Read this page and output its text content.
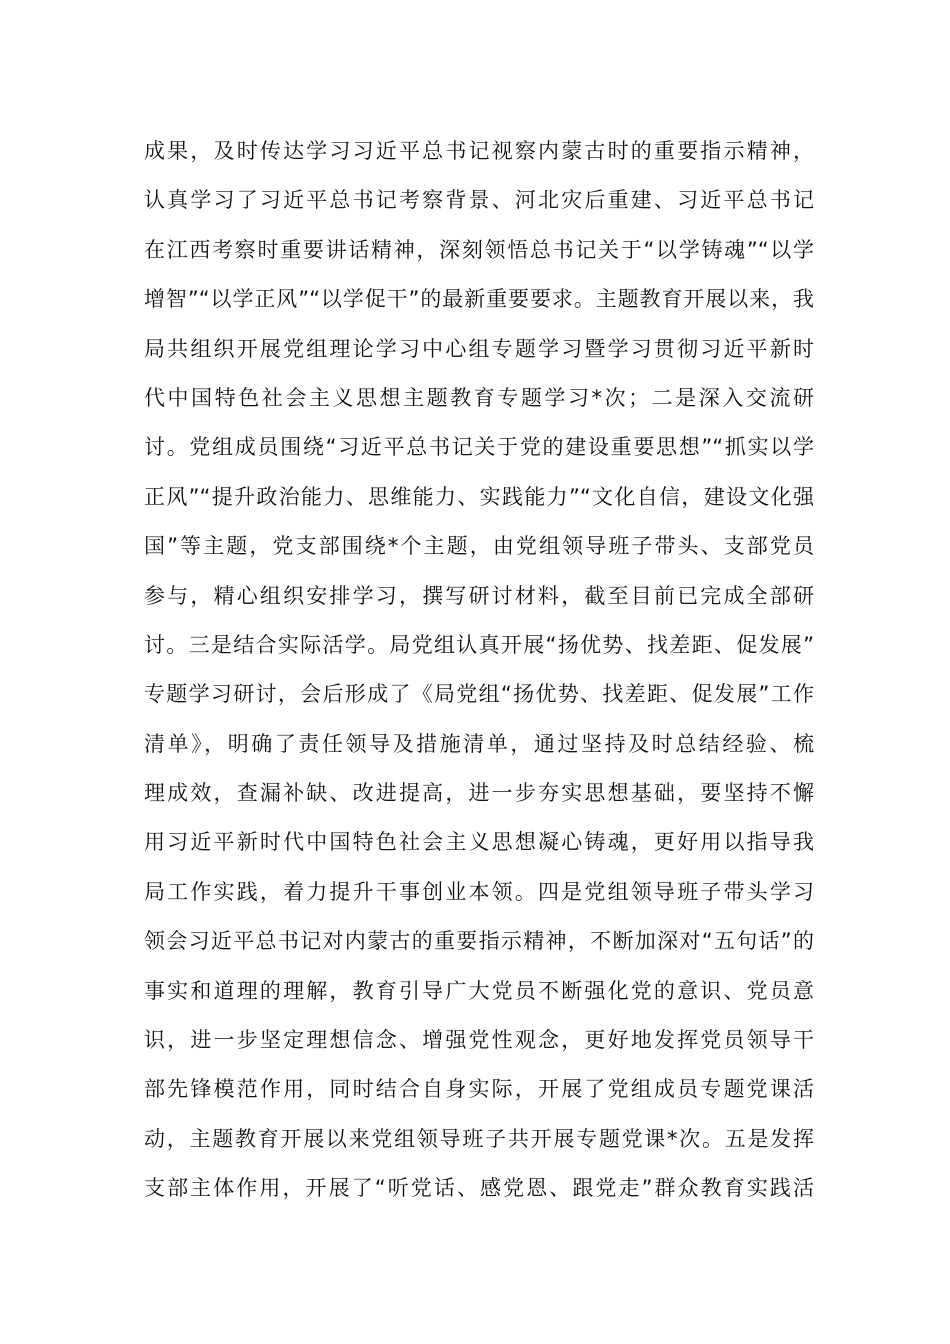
成果，及时传达学习习近平总书记视察内蒙古时的重要指示精神，
认真学习了习近平总书记考察背景、河北灾后重建、习近平总书记
在江西考察时重要讲话精神，深刻领悟总书记关于“以学铸魂”“以学
增智”“以学正风”“以学促干”的最新重要要求。主题教育开展以来，我
局共组织开展党组理论学习中心组专题学习暨学习贯彻习近平新时
代中国特色社会主义思想主题教育专题学习*次；二是深入交流研
讨。党组成员围绕“习近平总书记关于党的建设重要思想”“抓实以学
正风”“提升政治能力、思维能力、实践能力”“文化自信，建设文化强
国”等主题，党支部围绕*个主题，由党组领导班子带头、支部党员
参与，精心组织安排学习，撰写研讨材料，截至目前已完成全部研
讨。三是结合实际活学。局党组认真开展“扬优势、找差距、促发展”
专题学习研讨，会后形成了《局党组“扬优势、找差距、促发展”工作
清单》，明确了责任领导及措施清单，通过坚持及时总结经验、梳
理成效，查漏补缺、改进提高，进一步夯实思想基础，要坚持不懈
用习近平新时代中国特色社会主义思想凝心铸魂，更好用以指导我
局工作实践，着力提升干事创业本领。四是党组领导班子带头学习
领会习近平总书记对内蒙古的重要指示精神，不断加深对“五句话”的
事实和道理的理解，教育引导广大党员不断强化党的意识、党员意
识，进一步坚定理想信念、增强党性观念，更好地发挥党员领导干
部先锋模范作用，同时结合自身实际，开展了党组成员专题党课活
动，主题教育开展以来党组领导班子共开展专题党课*次。五是发挥
支部主体作用，开展了“听党话、感党恩、跟党走”群众教育实践活
